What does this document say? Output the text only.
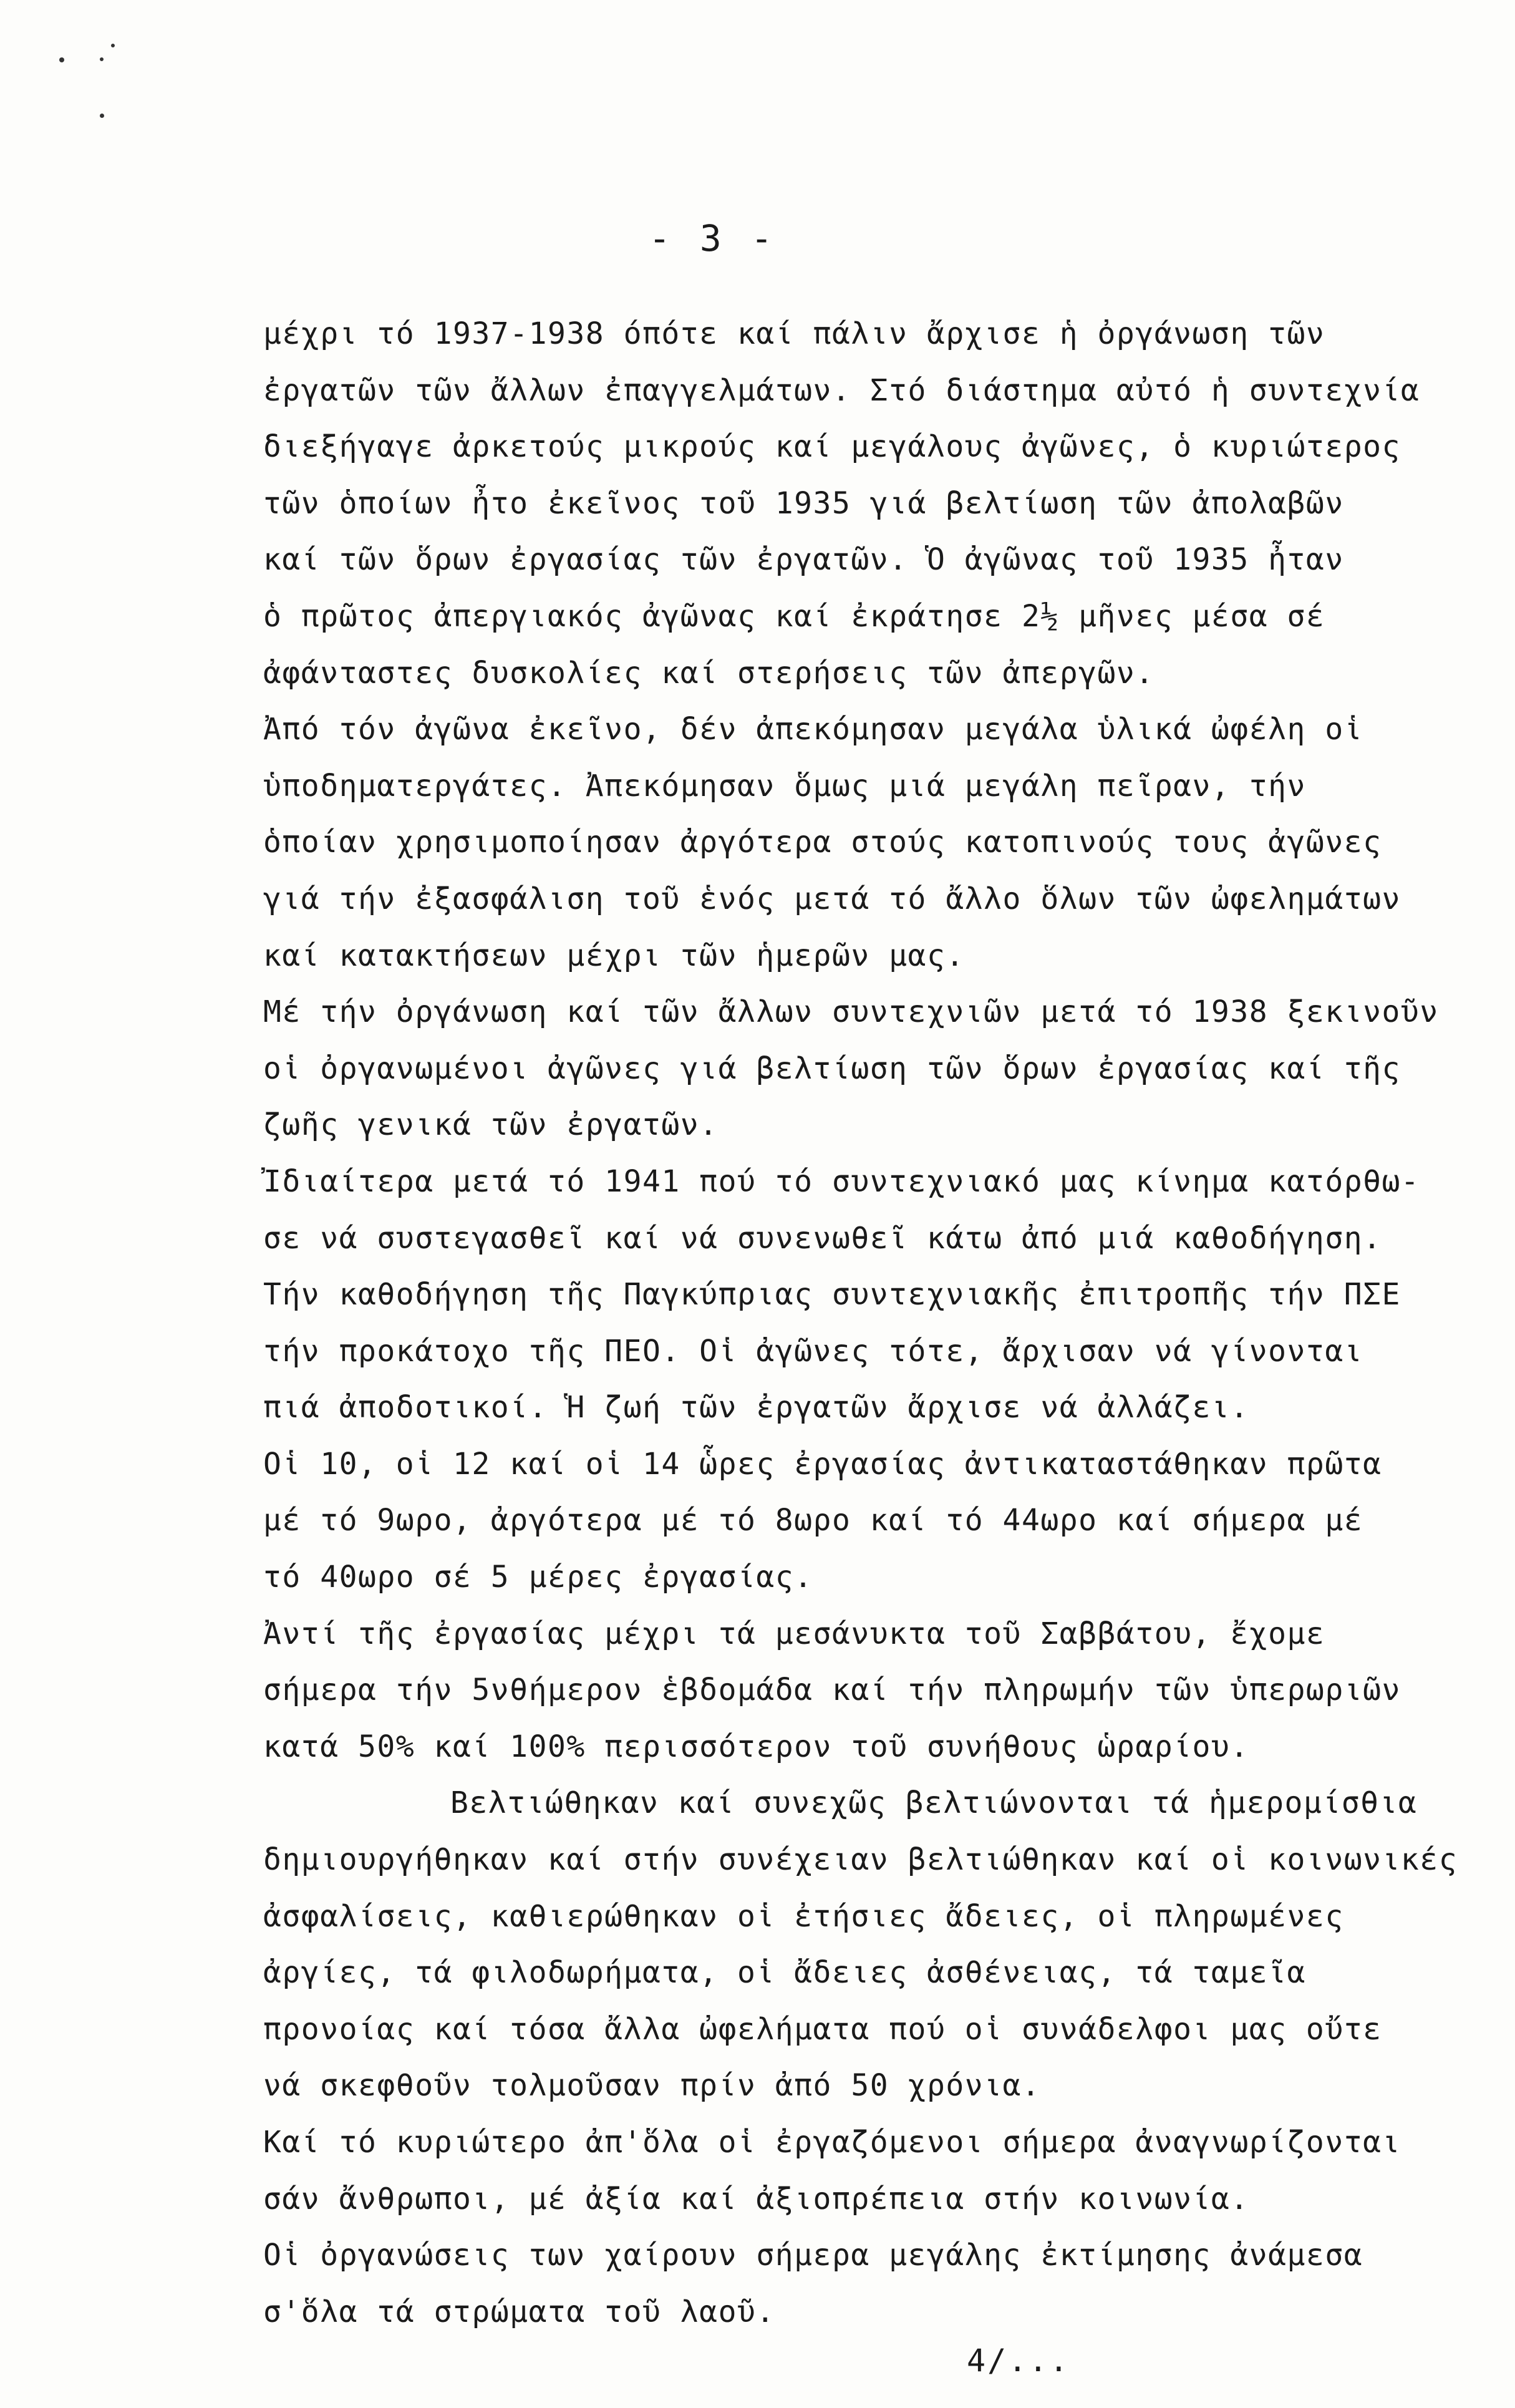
- 3 -
μέχρι τό 1937-1938 όπότε καί πάλιν ἄρχισε ἡ ὀργάνωση τῶν
ἐργατῶν τῶν ἄλλων ἐπαγγελμάτων. Στό διάστημα αὐτό ἡ συντεχνία
διεξήγαγε ἀρκετούς μικρούς καί μεγάλους ἀγῶνες, ὁ κυριώτερος
τῶν ὁποίων ἦτο ἐκεῖνος τοῦ 1935 γιά βελτίωση τῶν ἀπολαβῶν
καί τῶν ὅρων ἐργασίας τῶν ἐργατῶν. Ὁ ἀγῶνας τοῦ 1935 ἦταν
ὁ πρῶτος ἀπεργιακός ἀγῶνας καί ἐκράτησε 2½ μῆνες μέσα σέ
ἀφάνταστες δυσκολίες καί στερήσεις τῶν ἀπεργῶν.
Ἀπό τόν ἀγῶνα ἐκεῖνο, δέν ἀπεκόμησαν μεγάλα ὑλικά ὠφέλη οἱ
ὑποδηματεργάτες. Ἀπεκόμησαν ὅμως μιά μεγάλη πεῖραν, τήν
ὁποίαν χρησιμοποίησαν ἀργότερα στούς κατοπινούς τους ἀγῶνες
γιά τήν ἐξασφάλιση τοῦ ἑνός μετά τό ἄλλο ὅλων τῶν ὠφελημάτων
καί κατακτήσεων μέχρι τῶν ἡμερῶν μας.
Μέ τήν ὀργάνωση καί τῶν ἄλλων συντεχνιῶν μετά τό 1938 ξεκινοῦν
οἱ ὀργανωμένοι ἀγῶνες γιά βελτίωση τῶν ὅρων ἐργασίας καί τῆς
ζωῆς γενικά τῶν ἐργατῶν.
Ἰδιαίτερα μετά τό 1941 πού τό συντεχνιακό μας κίνημα κατόρθω-
σε νά συστεγασθεῖ καί νά συνενωθεῖ κάτω ἀπό μιά καθοδήγηση.
Τήν καθοδήγηση τῆς Παγκύπριας συντεχνιακῆς ἐπιτροπῆς τήν ΠΣΕ
τήν προκάτοχο τῆς ΠΕΟ. Οἱ ἀγῶνες τότε, ἄρχισαν νά γίνονται
πιά ἀποδοτικοί. Ἡ ζωή τῶν ἐργατῶν ἄρχισε νά ἀλλάζει.
Οἱ 10, οἱ 12 καί οἱ 14 ὧρες ἐργασίας ἀντικαταστάθηκαν πρῶτα
μέ τό 9ωρο, ἀργότερα μέ τό 8ωρο καί τό 44ωρο καί σήμερα μέ
τό 40ωρο σέ 5 μέρες ἐργασίας.
Ἀντί τῆς ἐργασίας μέχρι τά μεσάνυκτα τοῦ Σαββάτου, ἔχομε
σήμερα τήν 5νθήμερον ἑβδομάδα καί τήν πληρωμήν τῶν ὑπερωριῶν
κατά 50% καί 100% περισσότερον τοῦ συνήθους ὡραρίου.
Βελτιώθηκαν καί συνεχῶς βελτιώνονται τά ἡμερομίσθια
δημιουργήθηκαν καί στήν συνέχειαν βελτιώθηκαν καί οἱ κοινωνικές
ἀσφαλίσεις, καθιερώθηκαν οἱ ἐτήσιες ἄδειες, οἱ πληρωμένες
ἀργίες, τά φιλοδωρήματα, οἱ ἄδειες ἀσθένειας, τά ταμεῖα
προνοίας καί τόσα ἄλλα ὠφελήματα πού οἱ συνάδελφοι μας οὔτε
νά σκεφθοῦν τολμοῦσαν πρίν ἀπό 50 χρόνια.
Καί τό κυριώτερο ἀπ'ὅλα οἱ ἐργαζόμενοι σήμερα ἀναγνωρίζονται
σάν ἄνθρωποι, μέ ἀξία καί ἀξιοπρέπεια στήν κοινωνία.
Οἱ ὀργανώσεις των χαίρουν σήμερα μεγάλης ἐκτίμησης ἀνάμεσα
σ'ὅλα τά στρώματα τοῦ λαοῦ.
4/...
